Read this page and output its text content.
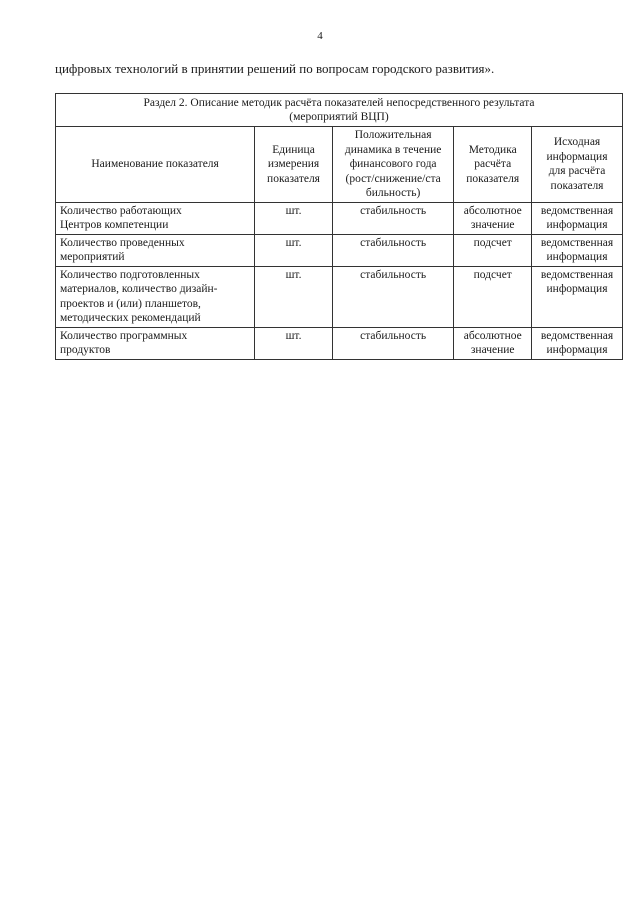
4
цифровых технологий в принятии решений по вопросам городского развития».
Раздел 2. Описание методик расчёта показателей непосредственного результата
(мероприятий ВЦП)				
Наименование показателя	Единица
измерения
показателя	Положительная
динамика в течение
финансового года
(рост/снижение/ста
бильность)	Методика
расчёта
показателя	Исходная
информация
для расчёта
показателя
Количество работающих
Центров компетенции	шт.	стабильность	абсолютное
значение	ведомственная
информация
Количество проведенных
мероприятий	шт.	стабильность	подсчет	ведомственная
информация
Количество подготовленных
материалов, количество дизайн-
проектов и (или) планшетов,
методических рекомендаций	шт.	стабильность	подсчет	ведомственная
информация
Количество программных
продуктов	шт.	стабильность	абсолютное
значение	ведомственная
информация
